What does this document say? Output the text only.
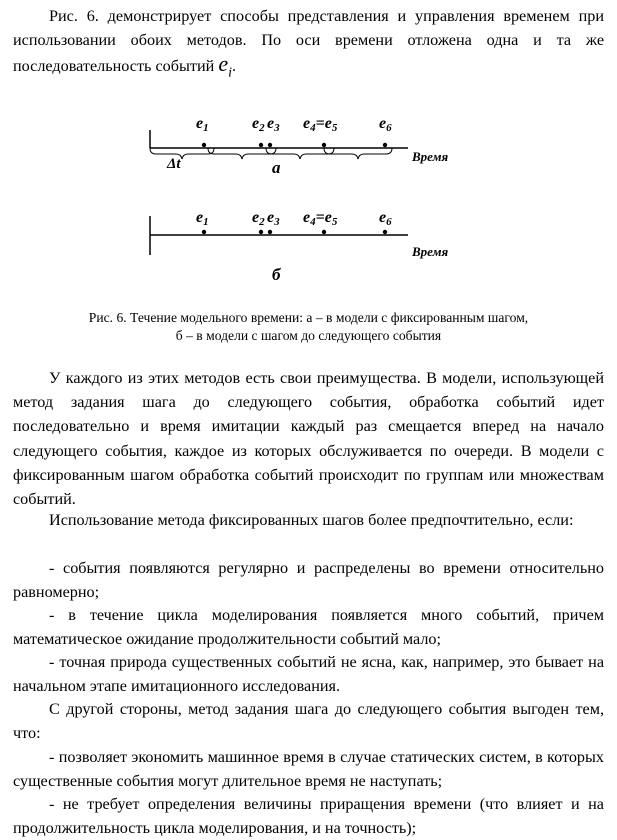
Рис. 6. демонстрирует способы представления и управления временем при использовании обоих методов. По оси времени отложена одна и та же последовательность событий $e_i$.

e1	e2 e3 e4=e5	e6
Δt	Время
а
e1	e2 e3 e4=e5	e6
Время
б

Рис. 6. Течение модельного времени: а – в модели с фиксированным шагом,

б – в модели с шагом до следующего события

У каждого из этих методов есть свои преимущества. В модели, использующей метод задания шага до следующего события, обработка событий идет последовательно и время имитации каждый раз смещается вперед на начало следующего события, каждое из которых обслуживается по очереди. В модели с фиксированным шагом обработка событий происходит по группам или множествам событий.

Использование метода фиксированных шагов более предпочтительно, если:

- события появляются регулярно и распределены во времени относительно равномерно;

- в течение цикла моделирования появляется много событий, причем математическое ожидание продолжительности событий мало;

- точная природа существенных событий не ясна, как, например, это бывает на начальном этапе имитационного исследования.

С другой стороны, метод задания шага до следующего события выгоден тем, что:

- позволяет экономить машинное время в случае статических систем, в которых существенные события могут длительное время не наступать;

- не требует определения величины приращения времени (что влияет и на продолжительность цикла моделирования, и на точность);
